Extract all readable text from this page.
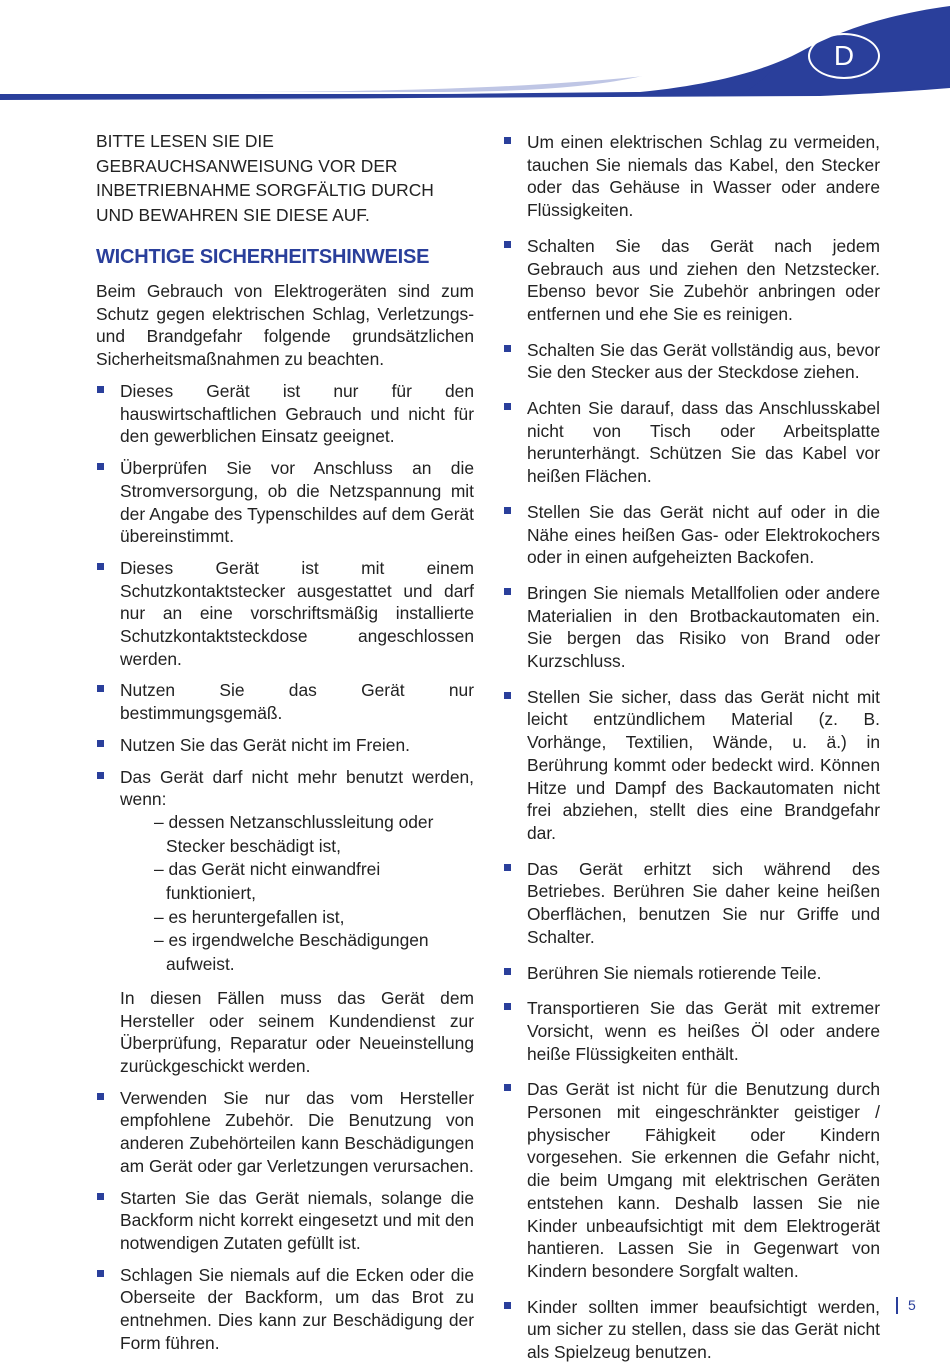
D
BITTE LESEN SIE DIE GEBRAUCHSANWEISUNG VOR DER INBETRIEBNAHME SORGFÄLTIG DURCH UND BEWAHREN SIE DIESE AUF.
WICHTIGE SICHERHEITSHINWEISE
Beim Gebrauch von Elektrogeräten sind zum Schutz gegen elektrischen Schlag, Verletzungs- und Brandgefahr folgende grundsätzlichen Sicherheitsmaßnahmen zu beachten.
Dieses Gerät ist nur für den hauswirtschaftlichen Gebrauch und nicht für den gewerblichen Einsatz geeignet.
Überprüfen Sie vor Anschluss an die Stromversorgung, ob die Netzspannung mit der Angabe des Typenschildes auf dem Gerät übereinstimmt.
Dieses Gerät ist mit einem Schutzkontaktstecker ausgestattet und darf nur an eine vorschriftsmäßig installierte Schutzkontaktsteckdose angeschlossen werden.
Nutzen Sie das Gerät nur bestimmungsgemäß.
Nutzen Sie das Gerät nicht im Freien.
Das Gerät darf nicht mehr benutzt werden, wenn:
– dessen Netzanschlussleitung oder Stecker beschädigt ist,
– das Gerät nicht einwandfrei funktioniert,
– es heruntergefallen ist,
– es irgendwelche Beschädigungen aufweist.
In diesen Fällen muss das Gerät dem Hersteller oder seinem Kundendienst zur Überprüfung, Reparatur oder Neueinstellung zurückgeschickt werden.
Verwenden Sie nur das vom Hersteller empfohlene Zubehör. Die Benutzung von anderen Zubehörteilen kann Beschädigungen am Gerät oder gar Verletzungen verursachen.
Starten Sie das Gerät niemals, solange die Backform nicht korrekt eingesetzt und mit den notwendigen Zutaten gefüllt ist.
Schlagen Sie niemals auf die Ecken oder die Oberseite der Backform, um das Brot zu entnehmen. Dies kann zur Beschädigung der Form führen.
Um einen elektrischen Schlag zu vermeiden, tauchen Sie niemals das Kabel, den Stecker oder das Gehäuse in Wasser oder andere Flüssigkeiten.
Schalten Sie das Gerät nach jedem Gebrauch aus und ziehen den Netzstecker. Ebenso bevor Sie Zubehör anbringen oder entfernen und ehe Sie es reinigen.
Schalten Sie das Gerät vollständig aus, bevor Sie den Stecker aus der Steckdose ziehen.
Achten Sie darauf, dass das Anschlusskabel nicht von Tisch oder Arbeitsplatte herunterhängt. Schützen Sie das Kabel vor heißen Flächen.
Stellen Sie das Gerät nicht auf oder in die Nähe eines heißen Gas- oder Elektrokochers oder in einen aufgeheizten Backofen.
Bringen Sie niemals Metallfolien oder andere Materialien in den Brotbackautomaten ein. Sie bergen das Risiko von Brand oder Kurzschluss.
Stellen Sie sicher, dass das Gerät nicht mit leicht entzündlichem Material (z. B. Vorhänge, Textilien, Wände, u. ä.) in Berührung kommt oder bedeckt wird. Können Hitze und Dampf des Backautomaten nicht frei abziehen, stellt dies eine Brandgefahr dar.
Das Gerät erhitzt sich während des Betriebes. Berühren Sie daher keine heißen Oberflächen, benutzen Sie nur Griffe und Schalter.
Berühren Sie niemals rotierende Teile.
Transportieren Sie das Gerät mit extremer Vorsicht, wenn es heißes Öl oder andere heiße Flüssigkeiten enthält.
Das Gerät ist nicht für die Benutzung durch Personen mit eingeschränkter geistiger / physischer Fähigkeit oder Kindern vorgesehen. Sie erkennen die Gefahr nicht, die beim Umgang mit elektrischen Geräten entstehen kann. Deshalb lassen Sie nie Kinder unbeaufsichtigt mit dem Elektrogerät hantieren. Lassen Sie in Gegenwart von Kindern besondere Sorgfalt walten.
Kinder sollten immer beaufsichtigt werden, um sicher zu stellen, dass sie das Gerät nicht als Spielzeug benutzen.
5
